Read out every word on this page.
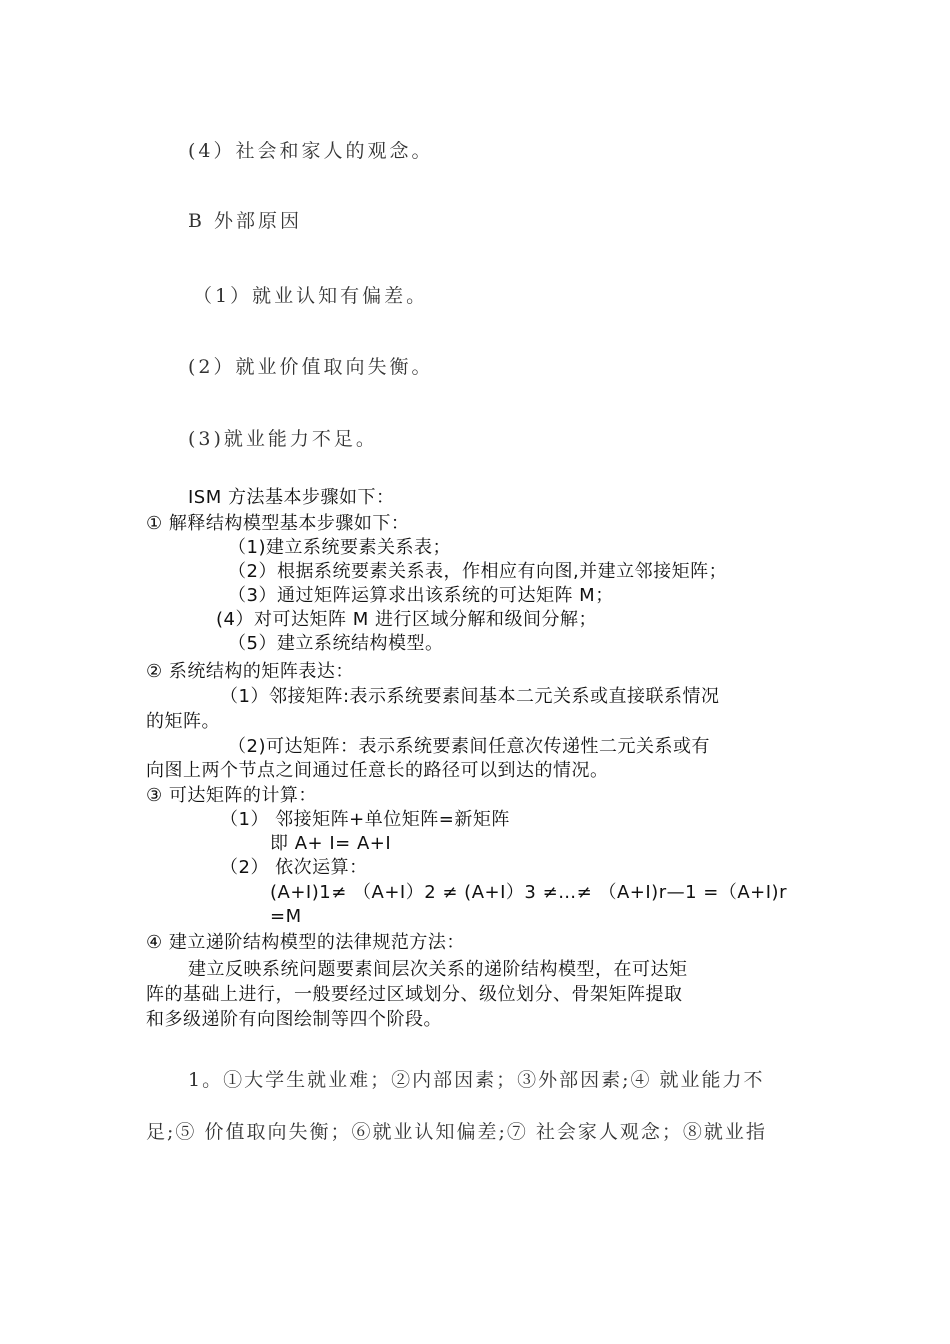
(4）社会和家人的观念。
B 外部原因
（1）就业认知有偏差。
(2）就业价值取向失衡。
(3)就业能力不足。
ISM 方法基本步骤如下：
① 解释结构模型基本步骤如下：
（1)建立系统要素关系表；
（2）根据系统要素关系表，作相应有向图,并建立邻接矩阵；
（3）通过矩阵运算求出该系统的可达矩阵 M；
(4）对可达矩阵 M 进行区域分解和级间分解；
（5）建立系统结构模型。
② 系统结构的矩阵表达：
（1）邻接矩阵:表示系统要素间基本二元关系或直接联系情况
的矩阵。
（2)可达矩阵：表示系统要素间任意次传递性二元关系或有
向图上两个节点之间通过任意长的路径可以到达的情况。
③ 可达矩阵的计算：
（1） 邻接矩阵+单位矩阵=新矩阵
即 A+ I= A+I
（2） 依次运算：
(A+I)1≠ （A+I）2 ≠ (A+I）3 ≠…≠ （A+I)r—1 =（A+I)r
=M
④ 建立递阶结构模型的法律规范方法：
建立反映系统问题要素间层次关系的递阶结构模型，在可达矩
阵的基础上进行，一般要经过区域划分、级位划分、骨架矩阵提取
和多级递阶有向图绘制等四个阶段。
1。①大学生就业难；②内部因素；③外部因素;④ 就业能力不
足;⑤ 价值取向失衡；⑥就业认知偏差;⑦ 社会家人观念；⑧就业指
